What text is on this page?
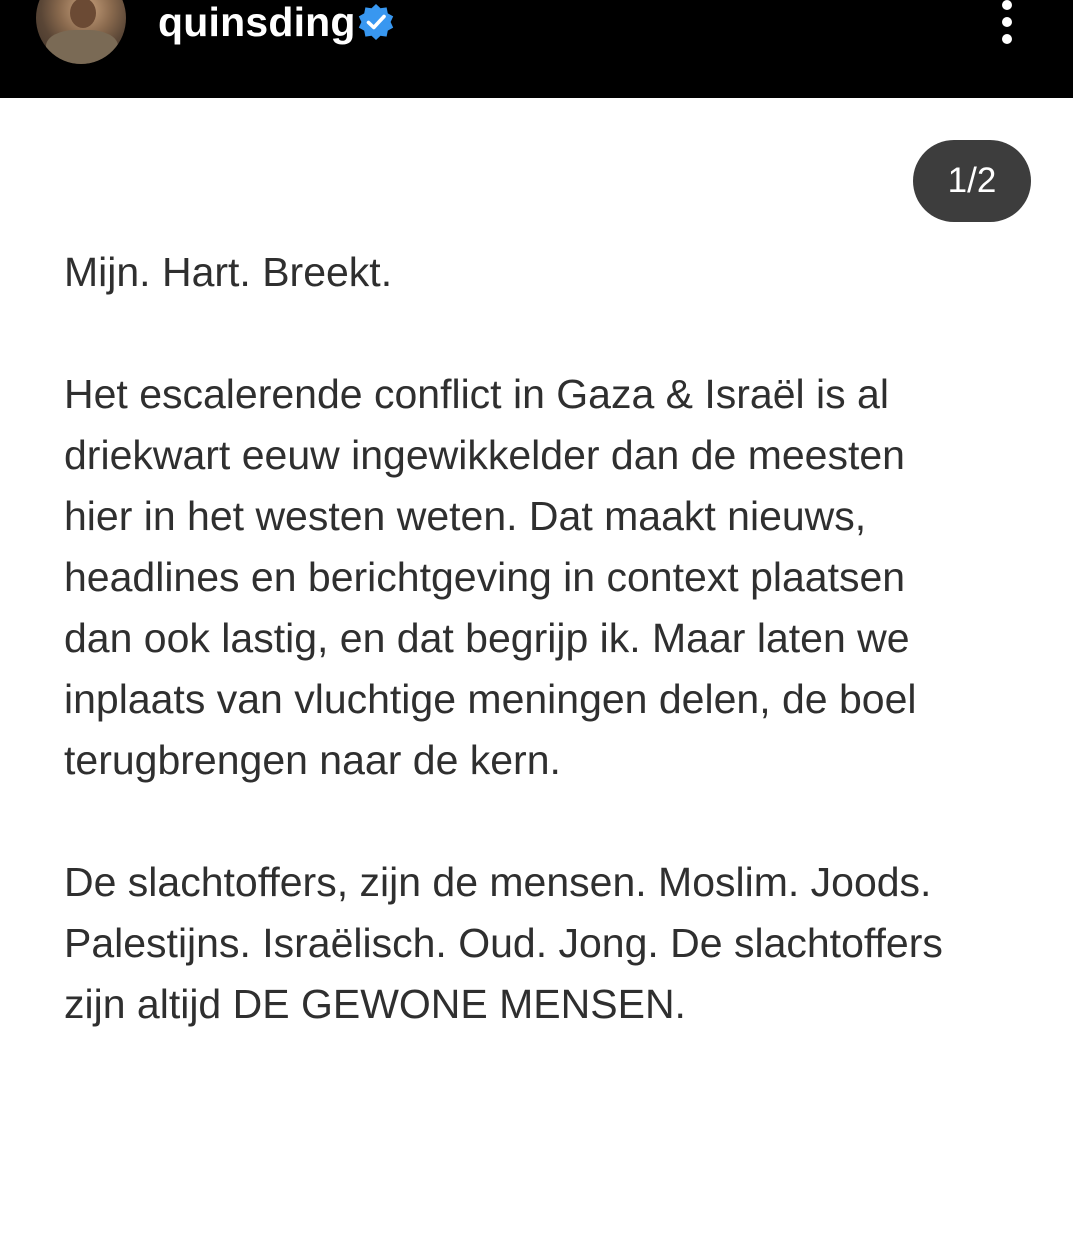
quinsding
1/2

Mijn. Hart. Breekt.

Het escalerende conflict in Gaza & Israël is al

driekwart eeuw ingewikkelder dan de meesten

hier in het westen weten. Dat maakt nieuws,

headlines en berichtgeving in context plaatsen

dan ook lastig, en dat begrijp ik. Maar laten we

inplaats van vluchtige meningen delen, de boel

terugbrengen naar de kern.

De slachtoffers, zijn de mensen. Moslim. Joods.

Palestijns. Israëlisch. Oud. Jong. De slachtoffers

zijn altijd DE GEWONE MENSEN.
